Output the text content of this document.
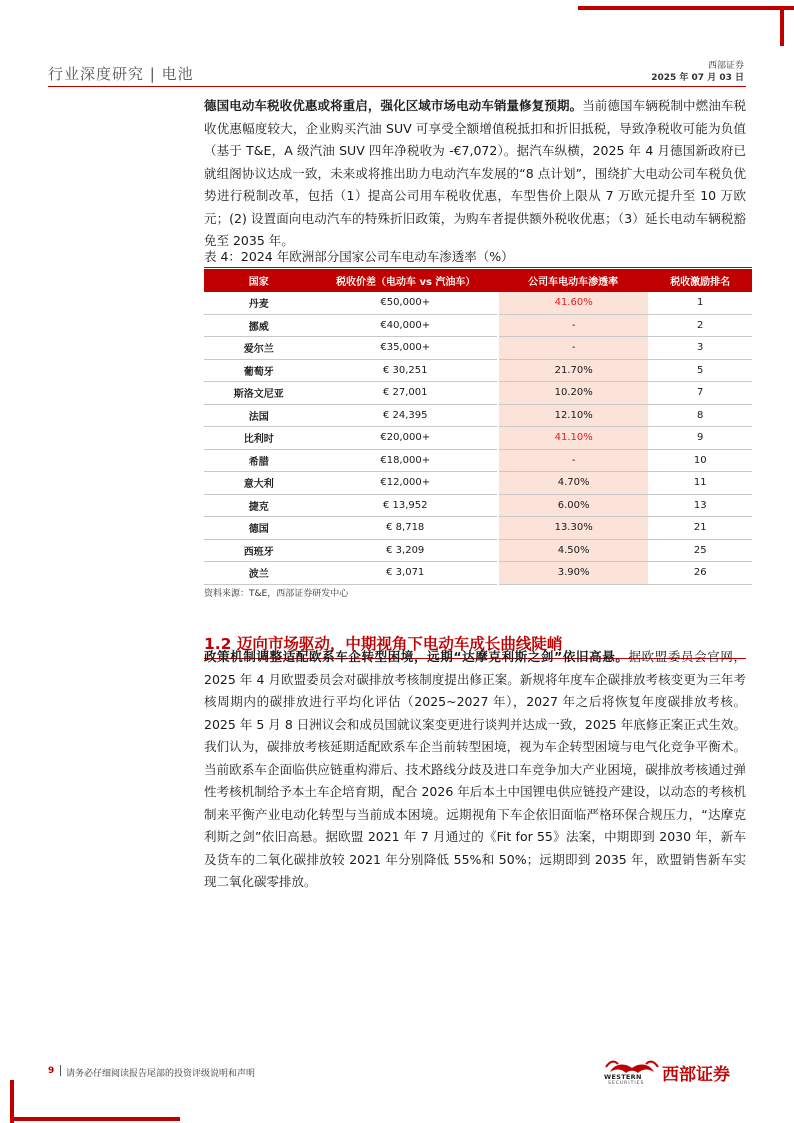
行业深度研究 | 电池	西部证券
2025 年 07 月 03 日

德国电动车税收优惠或将重启，强化区域市场电动车销量修复预期。当前德国车辆税制中燃油车税收优惠幅度较大，企业购买汽油 SUV 可享受全额增值税抵扣和折旧抵税，导致净税收可能为负值（基于 T&E，A 级汽油 SUV 四年净税收为 -€7,072）。据汽车纵横，2025 年 4 月德国新政府已就组阁协议达成一致，未来或将推出助力电动汽车发展的“8 点计划”，围绕扩大电动公司车税负优势进行税制改革，包括（1）提高公司用车税收优惠，车型售价上限从 7 万欧元提升至 10 万欧元；(2) 设置面向电动汽车的特殊折旧政策，为购车者提供额外税收优惠；（3）延长电动车辆税豁免至 2035 年。

表 4：2024 年欧洲部分国家公司车电动车渗透率（%）
国家	税收价差（电动车 vs 汽油车）	公司车电动车渗透率	税收激励排名
丹麦	€50,000+	41.60%	1
挪威	€40,000+	-	2
爱尔兰	€35,000+	-	3
葡萄牙	€ 30,251	21.70%	5
斯洛文尼亚	€ 27,001	10.20%	7
法国	€ 24,395	12.10%	8
比利时	€20,000+	41.10%	9
希腊	€18,000+	-	10
意大利	€12,000+	4.70%	11
捷克	€ 13,952	6.00%	13
德国	€ 8,718	13.30%	21
西班牙	€ 3,209	4.50%	25
波兰	€ 3,071	3.90%	26
资料来源：T&E，西部证券研发中心
1.2 迈向市场驱动，中期视角下电动车成长曲线陡峭

政策机制调整适配欧系车企转型困境，远期“达摩克利斯之剑”依旧高悬。据欧盟委员会官网，2025 年 4 月欧盟委员会对碳排放考核制度提出修正案。新规将年度车企碳排放考核变更为三年考核周期内的碳排放进行平均化评估（2025~2027 年），2027 年之后将恢复年度碳排放考核。2025 年 5 月 8 日洲议会和成员国就议案变更进行谈判并达成一致，2025 年底修正案正式生效。我们认为，碳排放考核延期适配欧系车企当前转型困境，视为车企转型困境与电气化竞争平衡术。当前欧系车企面临供应链重构滞后、技术路线分歧及进口车竞争加大产业困境，碳排放考核通过弹性考核机制给予本土车企培育期，配合 2026 年后本土中国锂电供应链投产建设，以动态的考核机制来平衡产业电动化转型与当前成本困境。远期视角下车企依旧面临严格环保合规压力，“达摩克利斯之剑”依旧高悬。据欧盟 2021 年 7 月通过的《Fit for 55》法案，中期即到 2030 年，新车及货车的二氧化碳排放较 2021 年分别降低 55%和 50%；远期即到 2035 年，欧盟销售新车实现二氧化碳零排放。

9 请务必仔细阅读报告尾部的投资评级说明和声明	WESTERN
SECURITIES 西部证券
